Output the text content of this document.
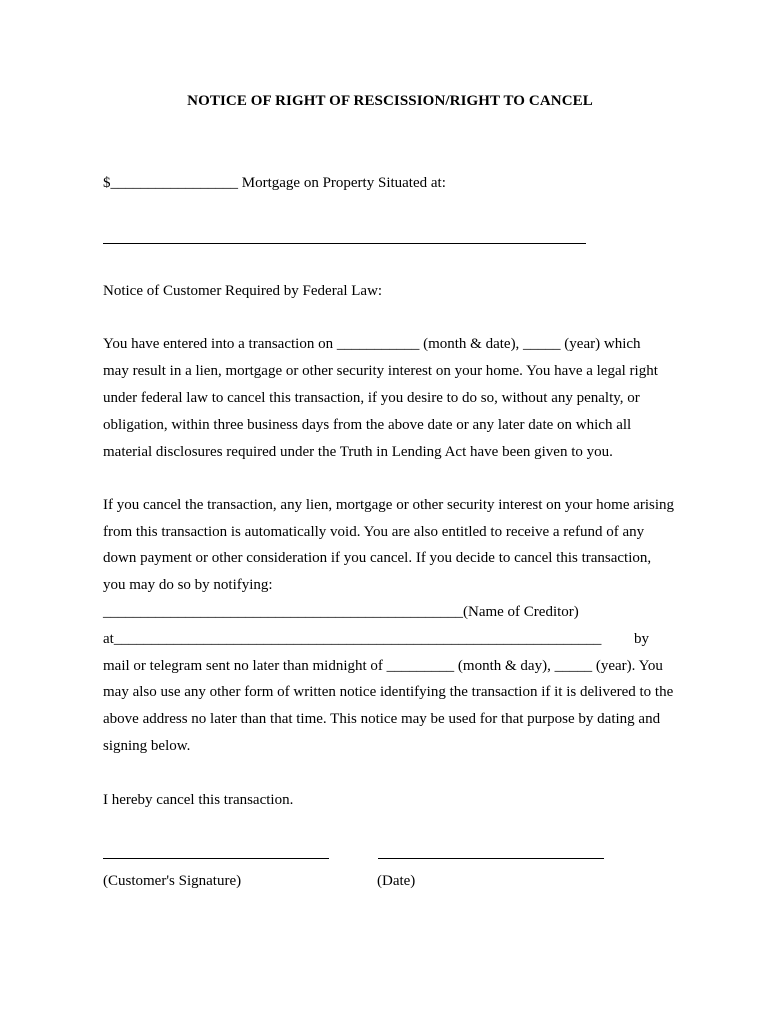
NOTICE OF RIGHT OF RESCISSION/RIGHT TO CANCEL
$_________________ Mortgage on Property Situated at:
Notice of Customer Required by Federal Law:
You have entered into a transaction on ___________ (month & date), _____ (year) which
may result in a lien, mortgage or other security interest on your home. You have a legal right
under federal law to cancel this transaction, if you desire to do so, without any penalty, or
obligation, within three business days from the above date or any later date on which all
material disclosures required under the Truth in Lending Act have been given to you.
If you cancel the transaction, any lien, mortgage or other security interest on your home arising
from this transaction is automatically void. You are also entitled to receive a refund of any
down payment or other consideration if you cancel. If you decide to cancel this transaction,
you may do so by notifying:
________________________________________________(Name of Creditor)
at_________________________________________________________________ by
mail or telegram sent no later than midnight of _________ (month & day), _____ (year). You
may also use any other form of written notice identifying the transaction if it is delivered to the
above address no later than that time. This notice may be used for that purpose by dating and
signing below.
I hereby cancel this transaction.
(Customer's Signature)	(Date)
